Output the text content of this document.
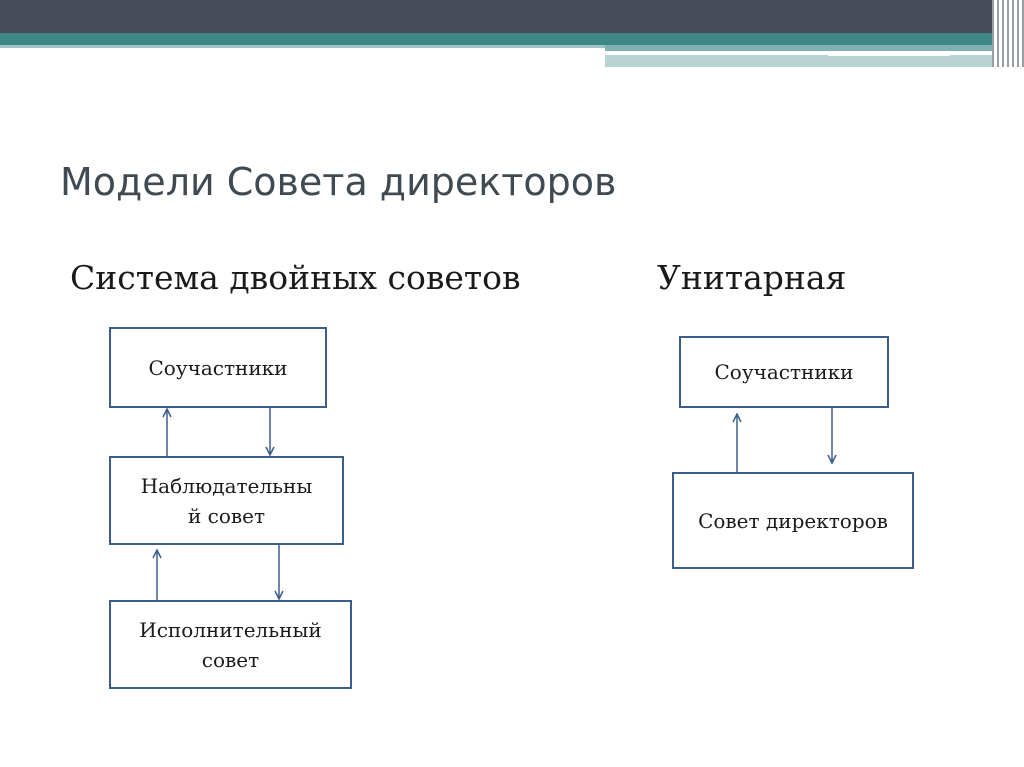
Модели Совета директоров
Система двойных советов	Унитарная
Соучастники
Наблюдательны
й совет
Исполнительный
совет
Соучастники
Совет директоров
